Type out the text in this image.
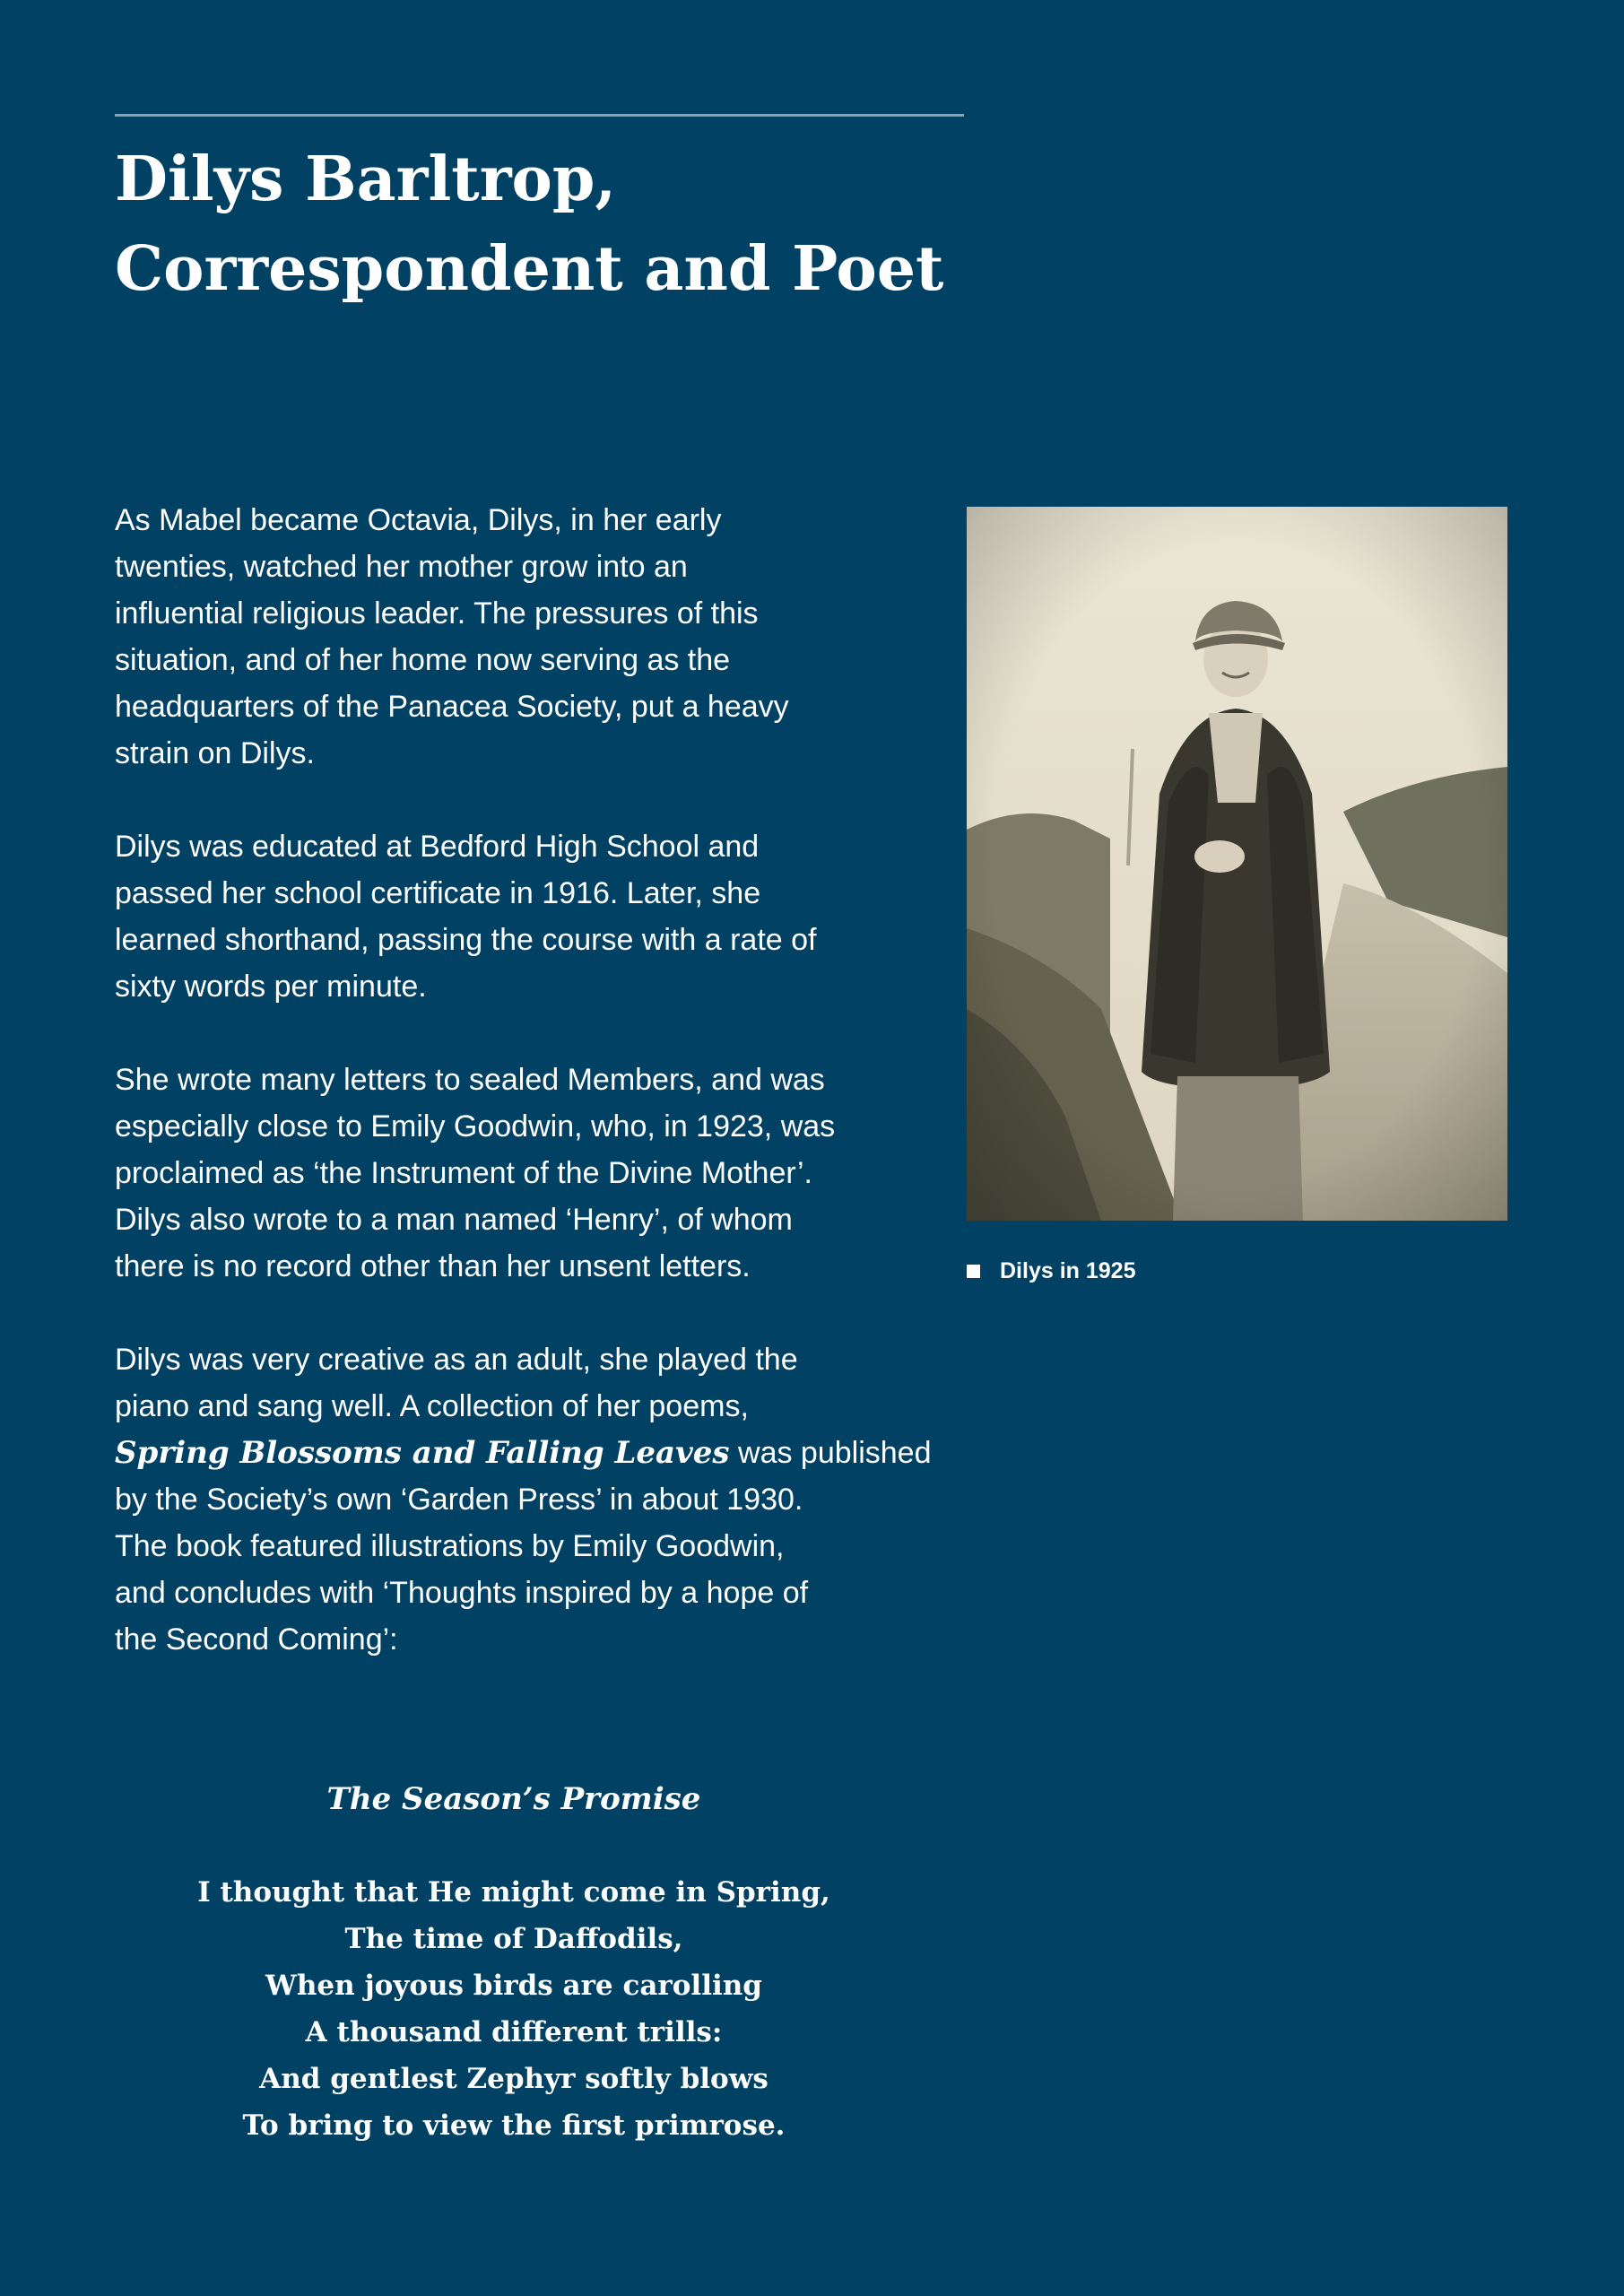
Dilys Barltrop,
Correspondent and Poet

As Mabel became Octavia, Dilys, in her early
twenties, watched her mother grow into an
influential religious leader. The pressures of this
situation, and of her home now serving as the
headquarters of the Panacea Society, put a heavy
strain on Dilys.

Dilys was educated at Bedford High School and
passed her school certificate in 1916. Later, she
learned shorthand, passing the course with a rate of
sixty words per minute.

She wrote many letters to sealed Members, and was
especially close to Emily Goodwin, who, in 1923, was
proclaimed as ‘the Instrument of the Divine Mother’.
Dilys also wrote to a man named ‘Henry’, of whom
there is no record other than her unsent letters.

Dilys was very creative as an adult, she played the
piano and sang well. A collection of her poems,
Spring Blossoms and Falling Leaves was published
by the Society’s own ‘Garden Press’ in about 1930.
The book featured illustrations by Emily Goodwin,
and concludes with ‘Thoughts inspired by a hope of
the Second Coming’:

Dilys in 1925

The Season’s Promise

I thought that He might come in Spring,
The time of Daffodils,
When joyous birds are carolling
A thousand different trills:
And gentlest Zephyr softly blows
To bring to view the first primrose.
